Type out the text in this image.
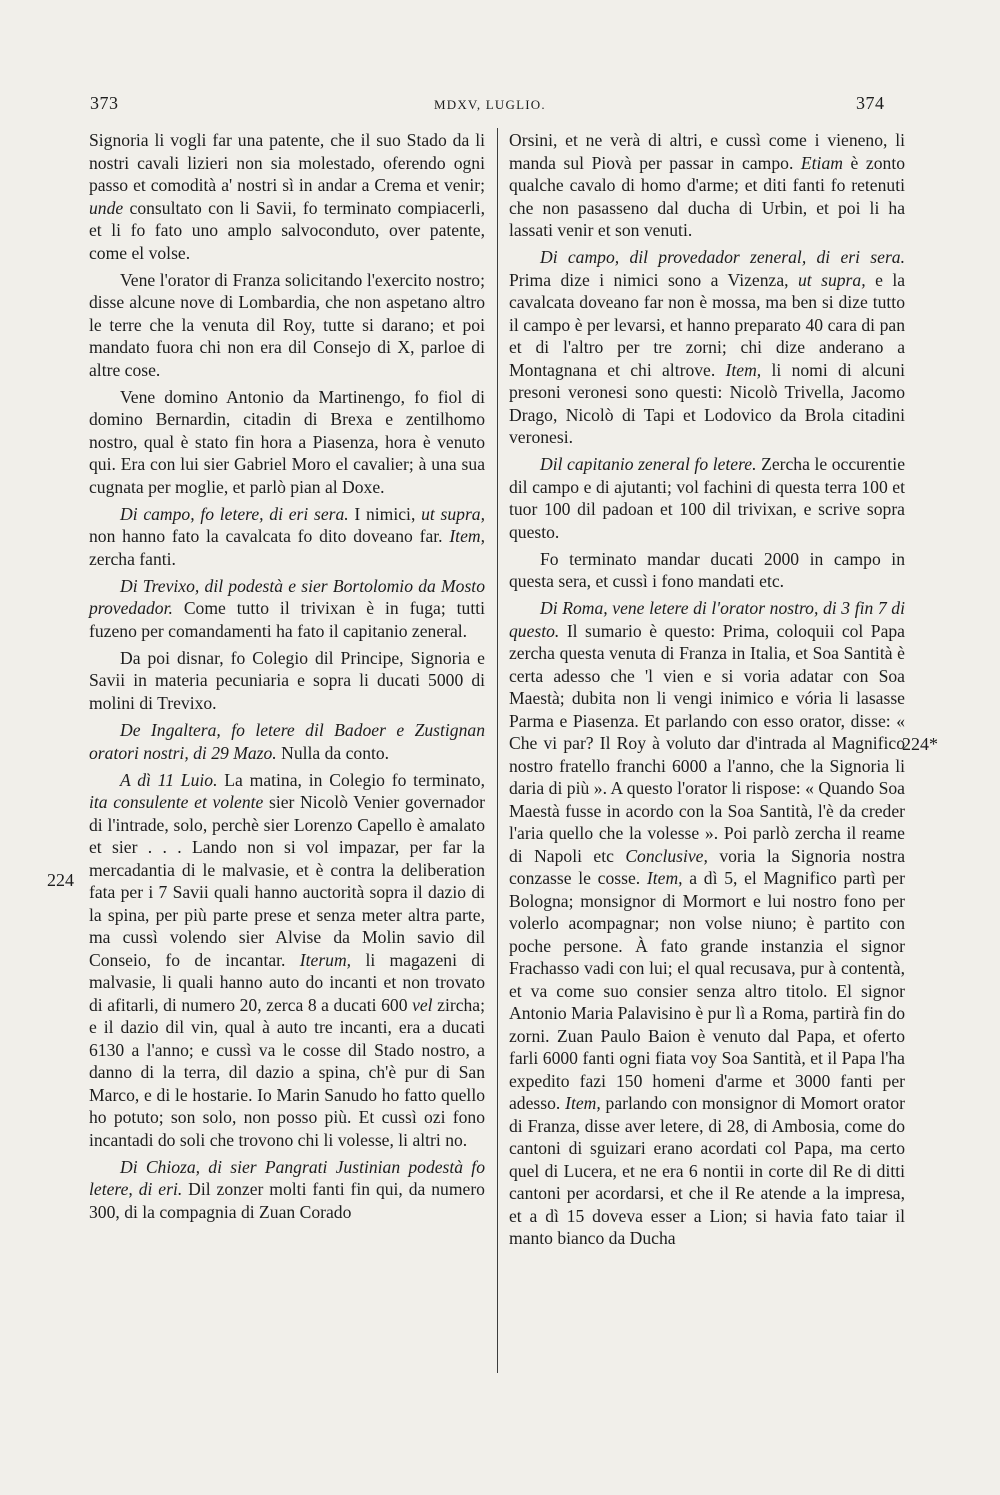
373	MDXV, LUGLIO.	374
224
224*

Signoria li vogli far una patente, che il suo Stado da li nostri cavali lizieri non sia molestado, oferendo ogni passo et comodità a' nostri sì in andar a Crema et venir; unde consultato con li Savii, fo terminato compiacerli, et li fo fato uno amplo salvoconduto, over patente, come el volse.

Vene l'orator di Franza solicitando l'exercito nostro; disse alcune nove di Lombardia, che non aspetano altro le terre che la venuta dil Roy, tutte si darano; et poi mandato fuora chi non era dil Consejo di X, parloe di altre cose.

Vene domino Antonio da Martinengo, fo fiol di domino Bernardin, citadin di Brexa e zentilhomo nostro, qual è stato fin hora a Piasenza, hora è venuto qui. Era con lui sier Gabriel Moro el cavalier; à una sua cugnata per moglie, et parlò pian al Doxe.

Di campo, fo letere, di eri sera. I nimici, ut supra, non hanno fato la cavalcata fo dito doveano far. Item, zercha fanti.

Di Trevixo, dil podestà e sier Bortolomio da Mosto provedador. Come tutto il trivixan è in fuga; tutti fuzeno per comandamenti ha fato il capitanio zeneral.

Da poi disnar, fo Colegio dil Principe, Signoria e Savii in materia pecuniaria e sopra li ducati 5000 di molini di Trevixo.

De Ingaltera, fo letere dil Badoer e Zustignan oratori nostri, di 29 Mazo. Nulla da conto.

A dì 11 Luio. La matina, in Colegio fo terminato, ita consulente et volente sier Nicolò Venier governador di l'intrade, solo, perchè sier Lorenzo Capello è amalato et sier . . . Lando non si vol impazar, per far la mercadantia di le malvasie, et è contra la deliberation fata per i 7 Savii quali hanno auctorità sopra il dazio di la spina, per più parte prese et senza meter altra parte, ma cussì volendo sier Alvise da Molin savio dil Conseio, fo de incantar. Iterum, li magazeni di malvasie, li quali hanno auto do incanti et non trovato di afitarli, di numero 20, zerca 8 a ducati 600 vel zircha; e il dazio dil vin, qual à auto tre incanti, era a ducati 6130 a l'anno; e cussì va le cosse dil Stado nostro, a danno di la terra, dil dazio a spina, ch'è pur di San Marco, e di le hostarie. Io Marin Sanudo ho fatto quello ho potuto; son solo, non posso più. Et cussì ozi fono incantadi do soli che trovono chi li volesse, li altri no.

Di Chioza, di sier Pangrati Justinian podestà fo letere, di eri. Dil zonzer molti fanti fin qui, da numero 300, di la compagnia di Zuan Corado

Orsini, et ne verà di altri, e cussì come i vieneno, li manda sul Piovà per passar in campo. Etiam è zonto qualche cavalo di homo d'arme; et diti fanti fo retenuti che non pasasseno dal ducha di Urbin, et poi li ha lassati venir et son venuti.

Di campo, dil provedador zeneral, di eri sera. Prima dize i nimici sono a Vizenza, ut supra, e la cavalcata doveano far non è mossa, ma ben si dize tutto il campo è per levarsi, et hanno preparato 40 cara di pan et di l'altro per tre zorni; chi dize anderano a Montagnana et chi altrove. Item, li nomi di alcuni presoni veronesi sono questi: Nicolò Trivella, Jacomo Drago, Nicolò di Tapi et Lodovico da Brola citadini veronesi.

Dil capitanio zeneral fo letere. Zercha le occurentie dil campo e di ajutanti; vol fachini di questa terra 100 et tuor 100 dil padoan et 100 dil trivixan, e scrive sopra questo.

Fo terminato mandar ducati 2000 in campo in questa sera, et cussì i fono mandati etc.

Di Roma, vene letere di l'orator nostro, di 3 fin 7 di questo. Il sumario è questo: Prima, coloquii col Papa zercha questa venuta di Franza in Italia, et Soa Santità è certa adesso che 'l vien e si voria adatar con Soa Maestà; dubita non li vengi inimico e vória li lasasse Parma e Piasenza. Et parlando con esso orator, disse: « Che vi par? Il Roy à voluto dar d'intrada al Magnifico nostro fratello franchi 6000 a l'anno, che la Signoria li daria di più ». A questo l'orator li rispose: « Quando Soa Maestà fusse in acordo con la Soa Santità, l'è da creder l'aria quello che la volesse ». Poi parlò zercha il reame di Napoli etc Conclusive, voria la Signoria nostra conzasse le cosse. Item, a dì 5, el Magnifico partì per Bologna; monsignor di Mormort e lui nostro fono per volerlo acompagnar; non volse niuno; è partito con poche persone. À fato grande instanzia el signor Frachasso vadi con lui; el qual recusava, pur à contentà, et va come suo consier senza altro titolo. El signor Antonio Maria Palavisino è pur lì a Roma, partirà fin do zorni. Zuan Paulo Baion è venuto dal Papa, et oferto farli 6000 fanti ogni fiata voy Soa Santità, et il Papa l'ha expedito fazi 150 homeni d'arme et 3000 fanti per adesso. Item, parlando con monsignor di Momort orator di Franza, disse aver letere, di 28, di Ambosia, come do cantoni di sguizari erano acordati col Papa, ma certo quel di Lucera, et ne era 6 nontii in corte dil Re di ditti cantoni per acordarsi, et che il Re atende a la impresa, et a dì 15 doveva esser a Lion; si havia fato taiar il manto bianco da Ducha
